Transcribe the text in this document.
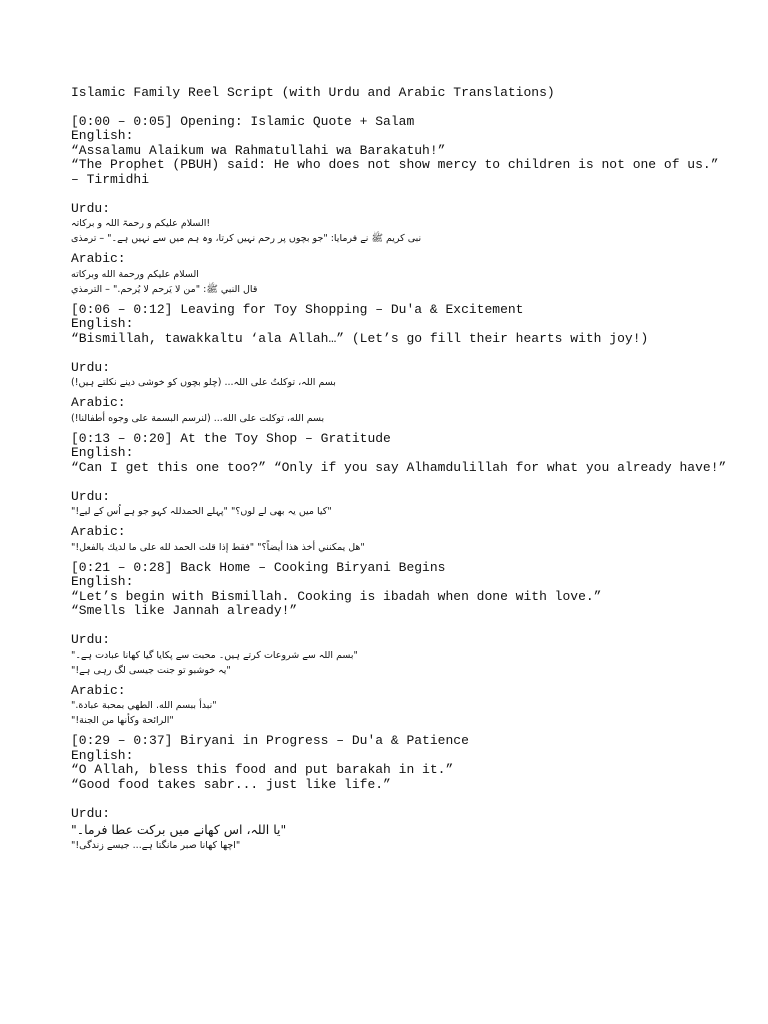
Islamic Family Reel Script (with Urdu and Arabic Translations)
[0:00 – 0:05] Opening: Islamic Quote + Salam
English:
“Assalamu Alaikum wa Rahmatullahi wa Barakatuh!”
“The Prophet (PBUH) said: He who does not show mercy to children is not one of us.” – Tirmidhi
Urdu:
!السلام علیکم و رحمۃ اللہ و برکاتہ
نبی کریم ﷺ نے فرمایا: "جو بچوں پر رحم نہیں کرتا، وہ ہم میں سے نہیں ہے۔" – ترمذی
Arabic:
السلام عليكم ورحمة الله وبركاته
قال النبي ﷺ: "من لا يَرحم لا يُرحم." – الترمذي
[0:06 – 0:12] Leaving for Toy Shopping – Du'a & Excitement
English:
“Bismillah, tawakkaltu ‘ala Allah…” (Let’s go fill their hearts with joy!)
Urdu:
بسم اللہ، توکلتُ علی اللہ... (چلو بچوں کو خوشی دینے نکلتے ہیں!)
Arabic:
بسم الله، توكلت على الله... (لنرسم البسمة على وجوه أطفالنا!)
[0:13 – 0:20] At the Toy Shop – Gratitude
English:
“Can I get this one too?” “Only if you say Alhamdulillah for what you already have!”
Urdu:
"کیا میں یہ بھی لے لوں؟" "پہلے الحمدللہ کہو جو ہے اُس کے لیے!"
Arabic:
"هل يمكنني أخذ هذا أيضاً؟" "فقط إذا قلت الحمد لله على ما لديك بالفعل!"
[0:21 – 0:28] Back Home – Cooking Biryani Begins
English:
“Let’s begin with Bismillah. Cooking is ibadah when done with love.”
“Smells like Jannah already!”
Urdu:
"بسم اللہ سے شروعات کرتے ہیں۔ محبت سے پکایا گیا کھانا عبادت ہے۔"
"یہ خوشبو تو جنت جیسی لگ رہی ہے!"
Arabic:
"نبدأ ببسم الله. الطهي بمحبة عبادة."
"الرائحة وكأنها من الجنة!"
[0:29 – 0:37] Biryani in Progress – Du'a & Patience
English:
“O Allah, bless this food and put barakah in it.”
“Good food takes sabr... just like life.”
Urdu:
"یا اللہ، اس کھانے میں برکت عطا فرما۔"
"اچھا کھانا صبر مانگتا ہے... جیسے زندگی!"
